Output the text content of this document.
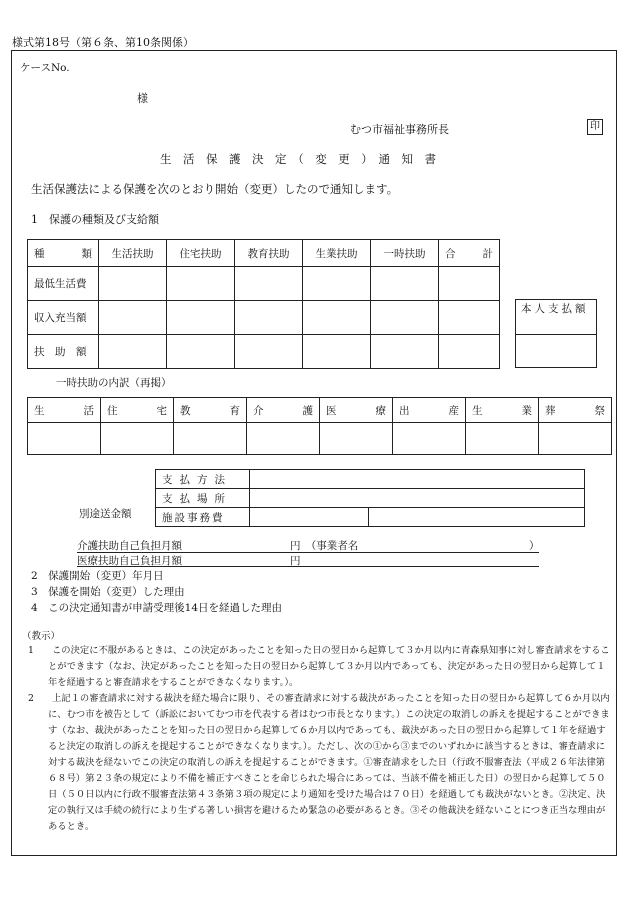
様式第18号（第６条、第10条関係）
ケースNo.
様
むつ市福祉事務所長	印
生　活　保　護　決　定　（　変　更　）　通　知　書
生活保護法による保護を次のとおり開始（変更）したので通知します。
1　保護の種類及び支給額
種 類	生活扶助	住宅扶助	教育扶助	生業扶助	一時扶助	合 計

最低生活費						
収入充当額						
扶　助　額						
本人支払額

一時扶助の内訳（再掲）
生 活	住 宅	教 育	介 護	医 療	出 産	生 業	葬 祭

別途送金額
支払方法		
支払場所		
施設事務費		
介護扶助自己負担月額	円　（事業者名	）
医療扶助自己負担月額	円
2　保護開始（変更）年月日
3　保護を開始（変更）した理由
4　この決定通知書が申請受理後14日を経過した理由
（教示）
1	この決定に不服があるときは、この決定があったことを知った日の翌日から起算して３か月以内に青森県知事に対し審査請求をすることができます（なお、決定があったことを知った日の翌日から起算して３か月以内であっても、決定があった日の翌日から起算して１年を経過すると審査請求をすることができなくなります。）。

2	上記１の審査請求に対する裁決を経た場合に限り、その審査請求に対する裁決があったことを知った日の翌日から起算して６か月以内に、むつ市を被告として（訴訟においてむつ市を代表する者はむつ市長となります。）この決定の取消しの訴えを提起することができます（なお、裁決があったことを知った日の翌日から起算して６か月以内であっても、裁決があった日の翌日から起算して１年を経過すると決定の取消しの訴えを提起することができなくなります。）。ただし、次の①から③までのいずれかに該当するときは、審査請求に対する裁決を経ないでこの決定の取消しの訴えを提起することができます。①審査請求をした日（行政不服審査法（平成２６年法律第６８号）第２３条の規定により不備を補正すべきことを命じられた場合にあっては、当該不備を補正した日）の翌日から起算して５０日（５０日以内に行政不服審査法第４３条第３項の規定により通知を受けた場合は７０日）を経過しても裁決がないとき。②決定、決定の執行又は手続の続行により生ずる著しい損害を避けるため緊急の必要があるとき。③その他裁決を経ないことにつき正当な理由があるとき。
